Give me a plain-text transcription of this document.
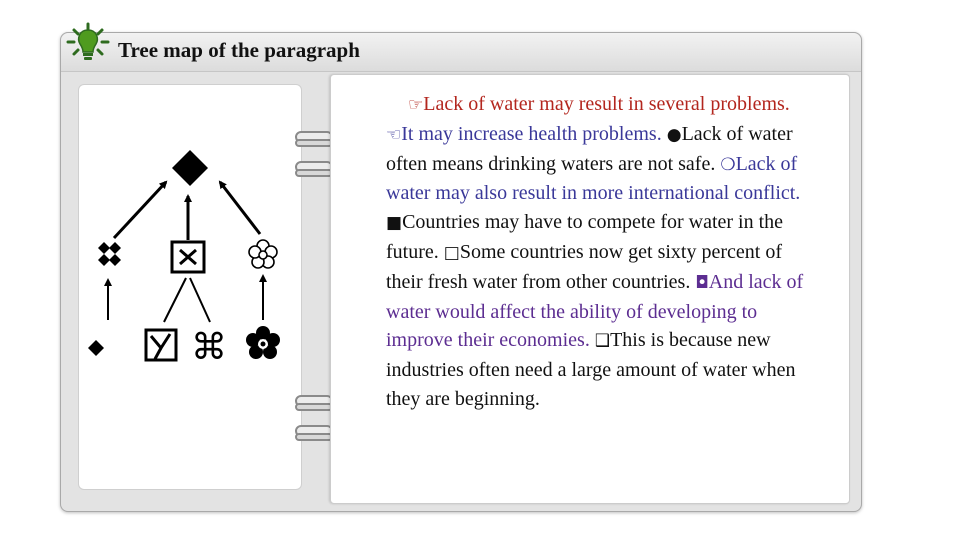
Tree map of the paragraph
⌘
☞Lack of water may result in several problems. ☜It may increase health problems. ●Lack of water often means drinking waters are not safe. ❍Lack of water may also result in more international conflict. ■Countries may have to compete for water in the future. □Some countries now get sixty percent of their fresh water from other countries. ◘And lack of water would affect the ability of developing to improve their economies. ❑This is because new industries often need a large amount of water when they are beginning.
